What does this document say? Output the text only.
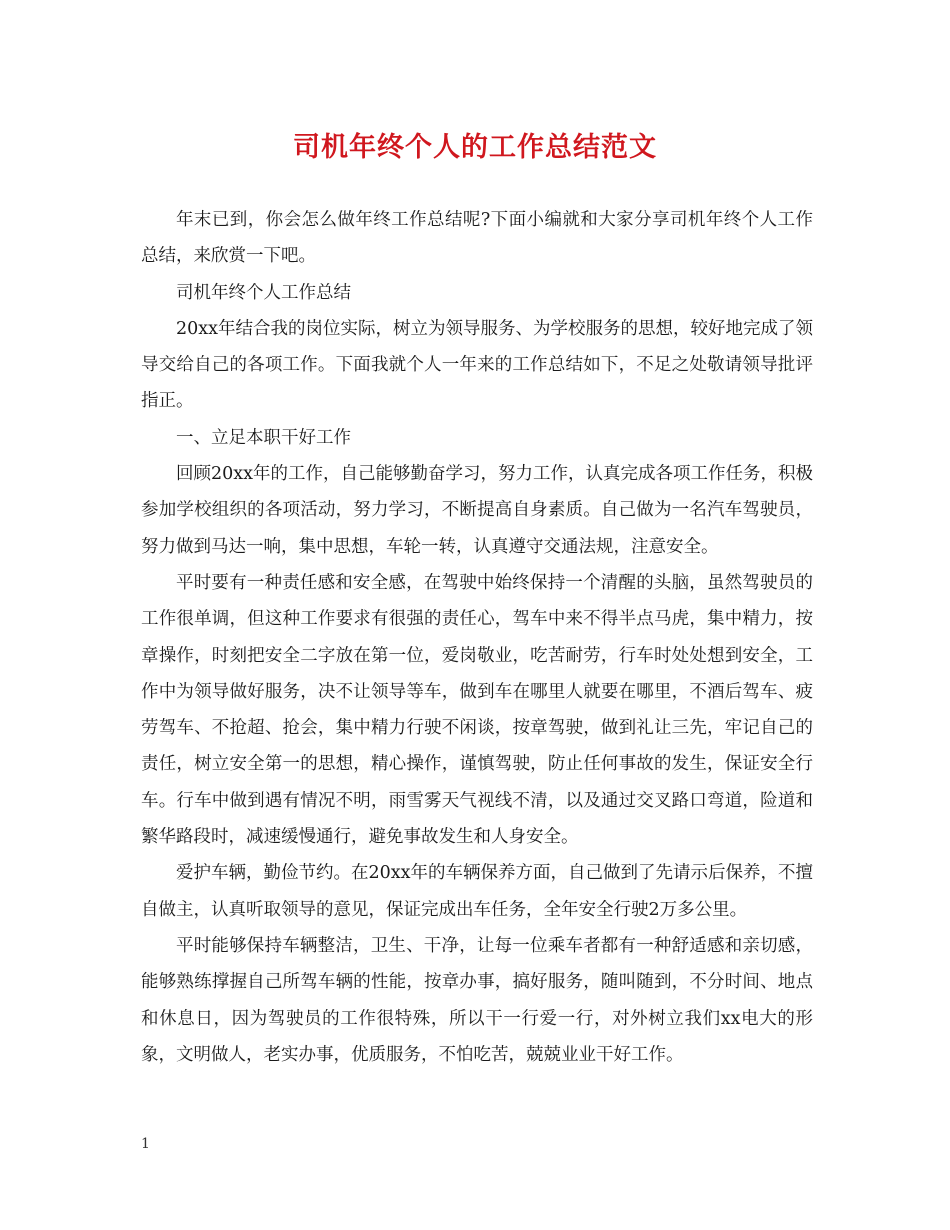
司机年终个人的工作总结范文

年末已到，你会怎么做年终工作总结呢?下面小编就和大家分享司机年终个人工作总结，来欣赏一下吧。

司机年终个人工作总结

20xx年结合我的岗位实际，树立为领导服务、为学校服务的思想，较好地完成了领导交给自己的各项工作。下面我就个人一年来的工作总结如下，不足之处敬请领导批评指正。

一、立足本职干好工作

回顾20xx年的工作，自己能够勤奋学习，努力工作，认真完成各项工作任务，积极参加学校组织的各项活动，努力学习，不断提高自身素质。自己做为一名汽车驾驶员，努力做到马达一响，集中思想，车轮一转，认真遵守交通法规，注意安全。

平时要有一种责任感和安全感，在驾驶中始终保持一个清醒的头脑，虽然驾驶员的工作很单调，但这种工作要求有很强的责任心，驾车中来不得半点马虎，集中精力，按章操作，时刻把安全二字放在第一位，爱岗敬业，吃苦耐劳，行车时处处想到安全，工作中为领导做好服务，决不让领导等车，做到车在哪里人就要在哪里，不酒后驾车、疲劳驾车、不抢超、抢会，集中精力行驶不闲谈，按章驾驶，做到礼让三先，牢记自己的责任，树立安全第一的思想，精心操作，谨慎驾驶，防止任何事故的发生，保证安全行车。行车中做到遇有情况不明，雨雪雾天气视线不清，以及通过交叉路口弯道，险道和繁华路段时，减速缓慢通行，避免事故发生和人身安全。

爱护车辆，勤俭节约。在20xx年的车辆保养方面，自己做到了先请示后保养，不擅自做主，认真听取领导的意见，保证完成出车任务，全年安全行驶2万多公里。

平时能够保持车辆整洁，卫生、干净，让每一位乘车者都有一种舒适感和亲切感，能够熟练撑握自己所驾车辆的性能，按章办事，搞好服务，随叫随到，不分时间、地点和休息日，因为驾驶员的工作很特殊，所以干一行爱一行，对外树立我们xx电大的形象，文明做人，老实办事，优质服务，不怕吃苦，兢兢业业干好工作。

1
